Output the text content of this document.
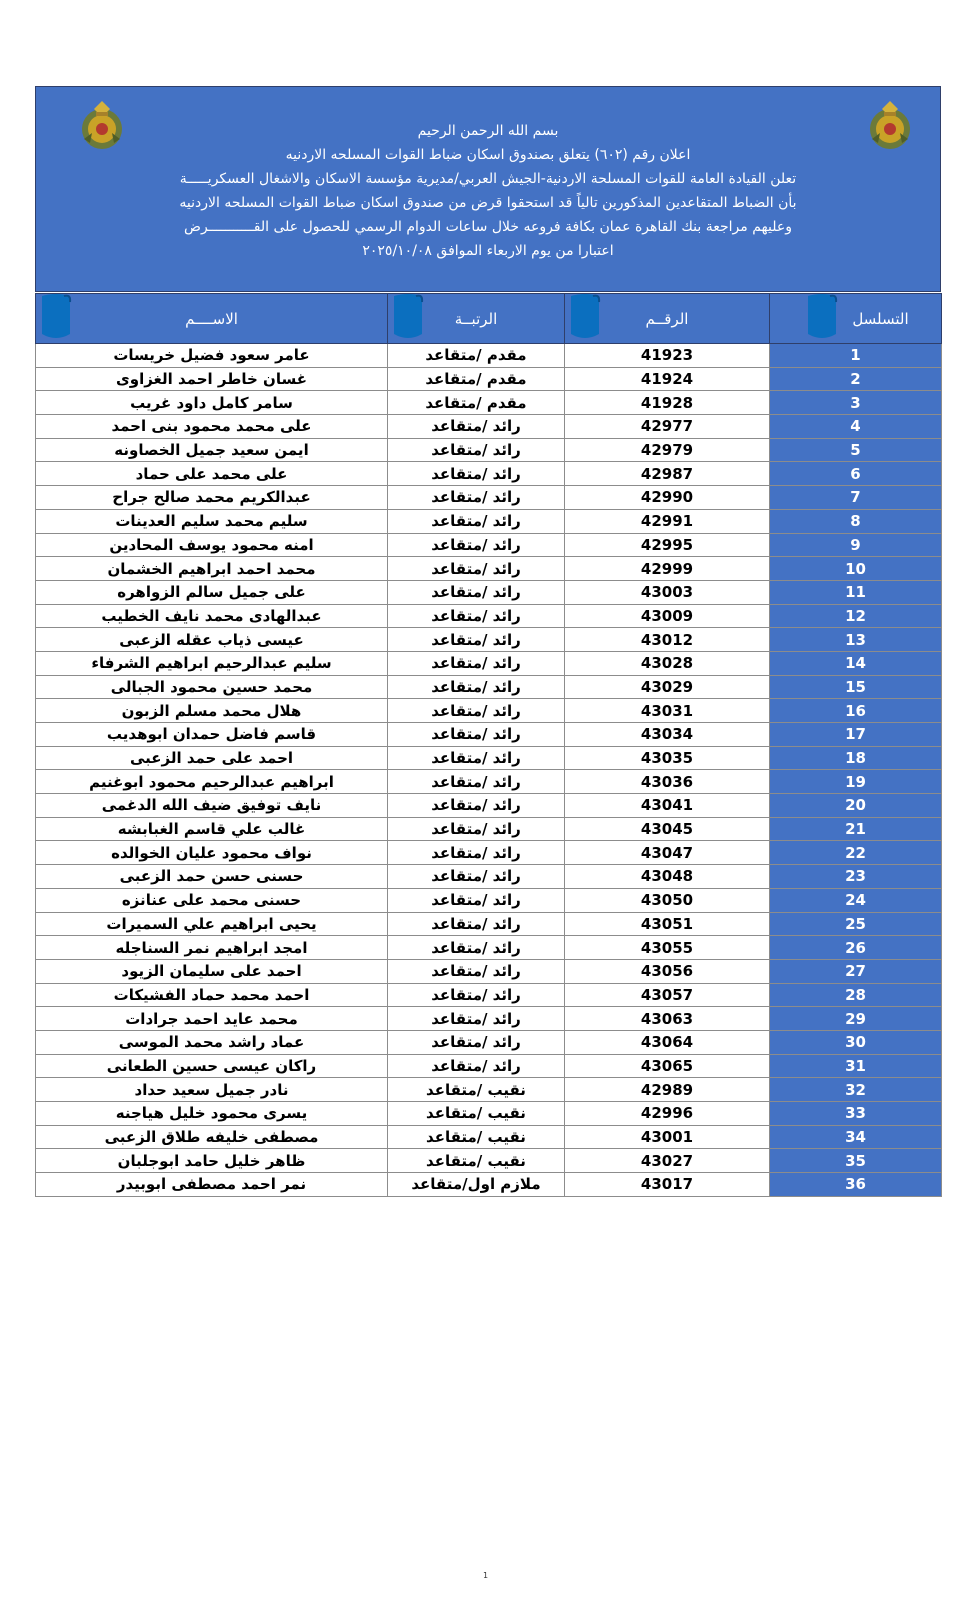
بسم الله الرحمن الرحيم
اعلان رقم (٦٠٢) يتعلق بصندوق اسكان ضباط القوات المسلحه الاردنيه
تعلن القيادة العامة للقوات المسلحة الاردنية-الجيش العربي/مديرية مؤسسة الاسكان والاشغال العسكريـــــة
بأن الضباط المتقاعدين المذكورين تالياً قد استحقوا قرض من صندوق اسكان ضباط القوات المسلحه الاردنيه
وعليهم مراجعة بنك القاهرة عمان بكافة فروعه خلال ساعات الدوام الرسمي للحصول على القـــــــــــرض
اعتبارا من يوم الاربعاء الموافق ٢٠٢٥/١٠/٠٨
الاســــم	الرتبــة	الرقــم	التسلسل
عامر سعود فضيل خريسات	مقدم /متقاعد	41923	1
غسان خاطر احمد الغزاوى	مقدم /متقاعد	41924	2
سامر كامل داود غريب	مقدم /متقاعد	41928	3
على محمد محمود بنى احمد	رائد /متقاعد	42977	4
ايمن سعيد جميل الخصاونه	رائد /متقاعد	42979	5
على محمد على حماد	رائد /متقاعد	42987	6
عبدالكريم محمد صالح جراح	رائد /متقاعد	42990	7
سليم محمد سليم العدينات	رائد /متقاعد	42991	8
امنه محمود يوسف المحادين	رائد /متقاعد	42995	9
محمد احمد ابراهيم الخشمان	رائد /متقاعد	42999	10
على جميل سالم الزواهره	رائد /متقاعد	43003	11
عبدالهادى محمد نايف الخطيب	رائد /متقاعد	43009	12
عيسى ذياب عقله الزعبى	رائد /متقاعد	43012	13
سليم عبدالرحيم ابراهيم الشرفاء	رائد /متقاعد	43028	14
محمد حسين محمود الجبالى	رائد /متقاعد	43029	15
هلال محمد مسلم الزبون	رائد /متقاعد	43031	16
قاسم فاضل حمدان ابوهديب	رائد /متقاعد	43034	17
احمد على حمد الزعبى	رائد /متقاعد	43035	18
ابراهيم عبدالرحيم محمود ابوغنيم	رائد /متقاعد	43036	19
نايف توفيق ضيف الله الدغمى	رائد /متقاعد	43041	20
غالب علي قاسم الغبابشه	رائد /متقاعد	43045	21
نواف محمود عليان الخوالده	رائد /متقاعد	43047	22
حسنى حسن حمد الزعبى	رائد /متقاعد	43048	23
حسنى محمد على عنانزه	رائد /متقاعد	43050	24
يحيى ابراهيم علي السميرات	رائد /متقاعد	43051	25
امجد ابراهيم نمر السناجله	رائد /متقاعد	43055	26
احمد على سليمان الزيود	رائد /متقاعد	43056	27
احمد محمد حماد الفشيكات	رائد /متقاعد	43057	28
محمد عايد احمد جرادات	رائد /متقاعد	43063	29
عماد راشد محمد الموسى	رائد /متقاعد	43064	30
راكان عيسى حسين الطعانى	رائد /متقاعد	43065	31
نادر جميل سعيد حداد	نقيب /متقاعد	42989	32
يسرى محمود خليل هياجنه	نقيب /متقاعد	42996	33
مصطفى خليفه طلاق الزعبى	نقيب /متقاعد	43001	34
ظاهر خليل حامد ابوجلبان	نقيب /متقاعد	43027	35
نمر احمد مصطفى ابوبيدر	ملازم اول/متقاعد	43017	36
1
